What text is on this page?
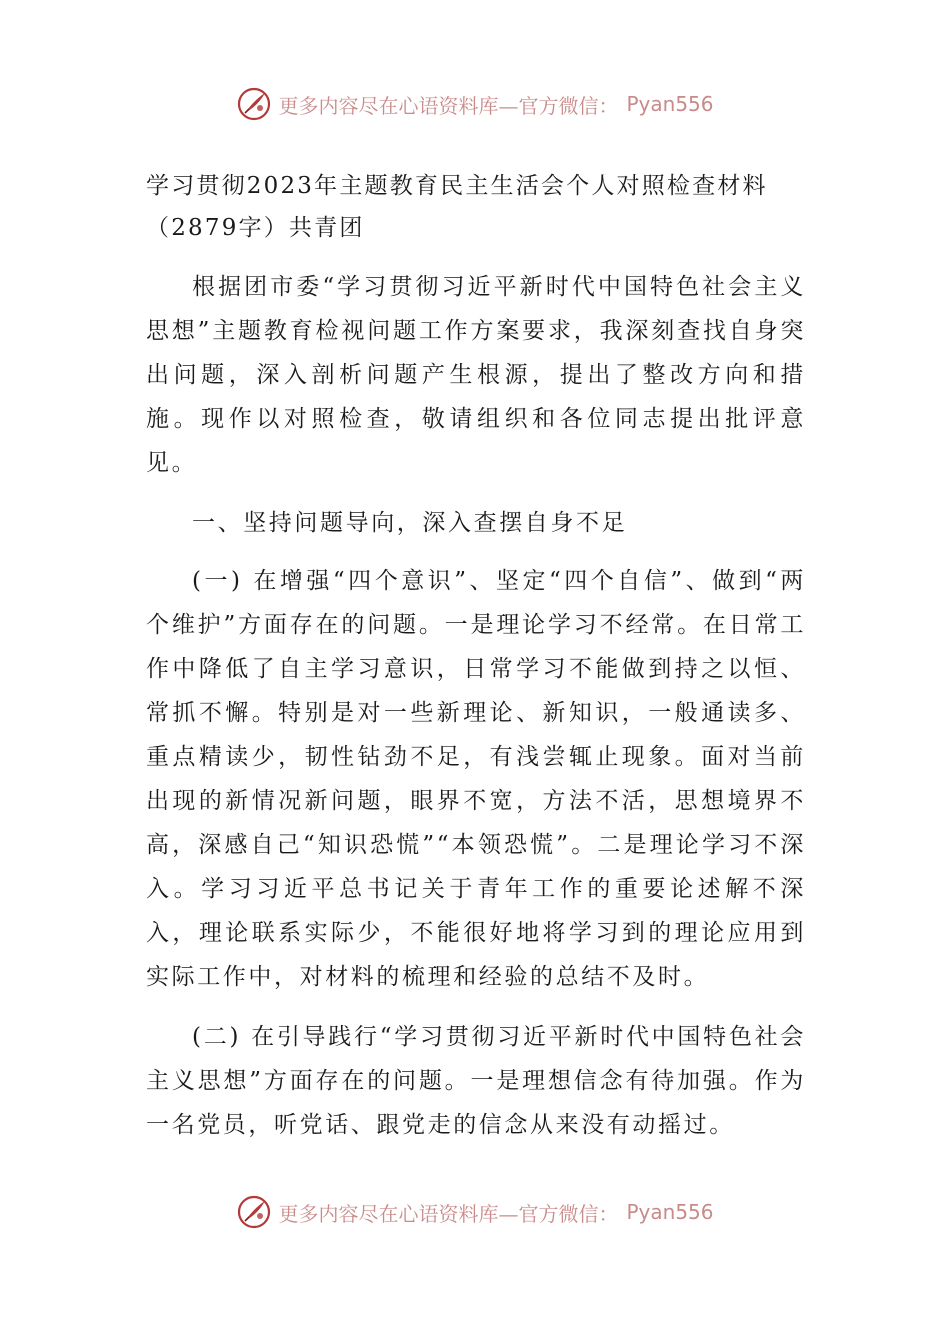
更多内容尽在心语资料库—官方微信： Pyan556
学习贯彻2023年主题教育民主生活会个人对照检查材料（2879字）共青团

根据团市委“学习贯彻习近平新时代中国特色社会主义思想”主题教育检视问题工作方案要求，我深刻查找自身突出问题，深入剖析问题产生根源，提出了整改方向和措施。现作以对照检查，敬请组织和各位同志提出批评意见。

一、坚持问题导向，深入查摆自身不足

(一) 在增强“四个意识”、坚定“四个自信”、做到“两个维护”方面存在的问题。一是理论学习不经常。在日常工作中降低了自主学习意识，日常学习不能做到持之以恒、常抓不懈。特别是对一些新理论、新知识，一般通读多、重点精读少，韧性钻劲不足，有浅尝辄止现象。面对当前出现的新情况新问题，眼界不宽，方法不活，思想境界不高，深感自己“知识恐慌”“本领恐慌”。二是理论学习不深入。学习习近平总书记关于青年工作的重要论述解不深入，理论联系实际少，不能很好地将学习到的理论应用到实际工作中，对材料的梳理和经验的总结不及时。

(二) 在引导践行“学习贯彻习近平新时代中国特色社会主义思想”方面存在的问题。一是理想信念有待加强。作为一名党员，听党话、跟党走的信念从来没有动摇过。

更多内容尽在心语资料库—官方微信： Pyan556
